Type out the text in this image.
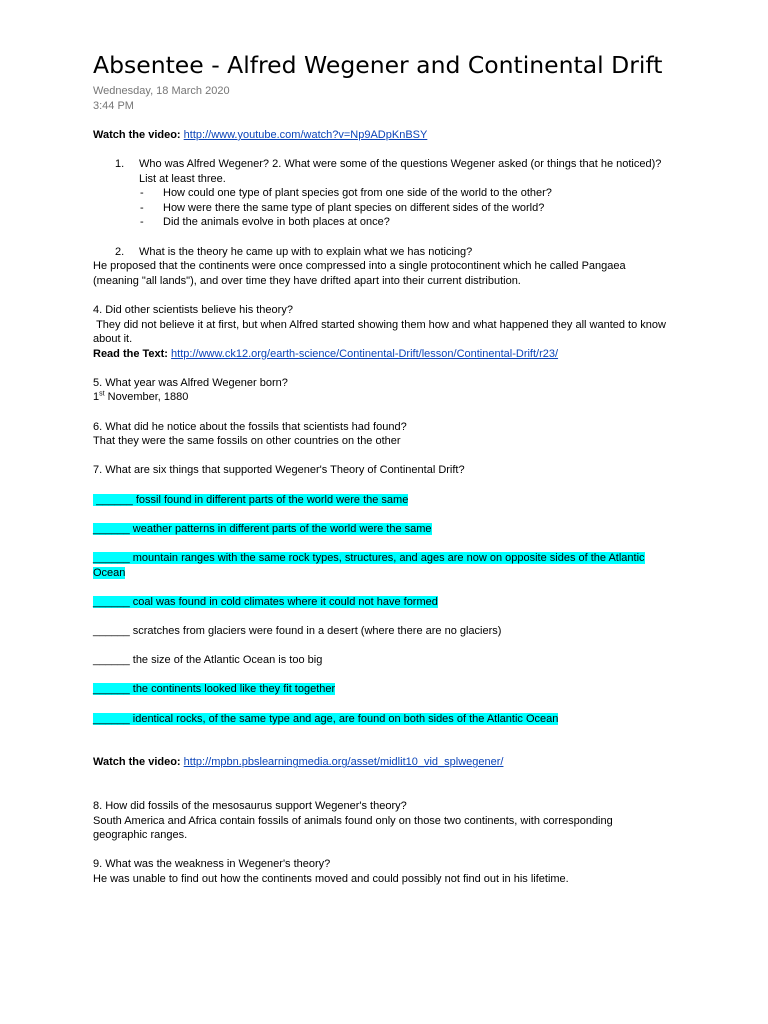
Absentee - Alfred Wegener and Continental Drift
Wednesday, 18 March 2020
3:44 PM
Watch the video: http://www.youtube.com/watch?v=Np9ADpKnBSY
1. Who was Alfred Wegener? 2. What were some of the questions Wegener asked (or things that he noticed)? List at least three.
- How could one type of plant species got from one side of the world to the other?
- How were there the same type of plant species on different sides of the world?
- Did the animals evolve in both places at once?
2. What is the theory he came up with to explain what we has noticing?
He proposed that the continents were once compressed into a single protocontinent which he called Pangaea (meaning "all lands"), and over time they have drifted apart into their current distribution.
4. Did other scientists believe his theory?
They did not believe it at first, but when Alfred started showing them how and what happened they all wanted to know about it.
Read the Text: http://www.ck12.org/earth-science/Continental-Drift/lesson/Continental-Drift/r23/
5. What year was Alfred Wegener born?
1st November, 1880
6. What did he notice about the fossils that scientists had found?
That they were the same fossils on other countries on the other
7. What are six things that supported Wegener's Theory of Continental Drift?
______ fossil found in different parts of the world were the same
______ weather patterns in different parts of the world were the same
______ mountain ranges with the same rock types, structures, and ages are now on opposite sides of the Atlantic Ocean
______ coal was found in cold climates where it could not have formed
______ scratches from glaciers were found in a desert (where there are no glaciers)
______ the size of the Atlantic Ocean is too big
______ the continents looked like they fit together
______ identical rocks, of the same type and age, are found on both sides of the Atlantic Ocean
Watch the video: http://mpbn.pbslearningmedia.org/asset/midlit10_vid_splwegener/
8. How did fossils of the mesosaurus support Wegener's theory?
South America and Africa contain fossils of animals found only on those two continents, with corresponding geographic ranges.
9. What was the weakness in Wegener's theory?
He was unable to find out how the continents moved and could possibly not find out in his lifetime.
